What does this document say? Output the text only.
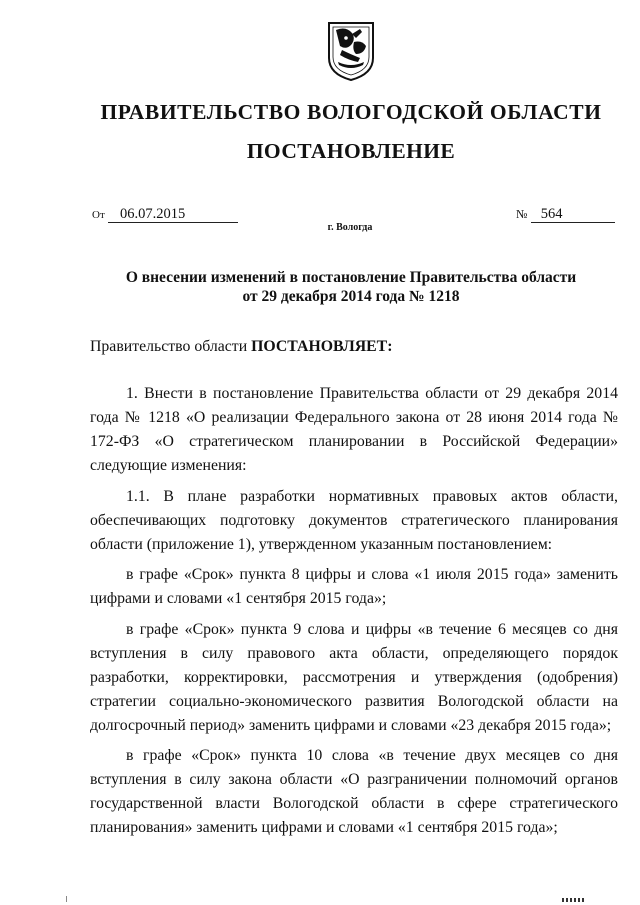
ПРАВИТЕЛЬСТВО ВОЛОГОДСКОЙ ОБЛАСТИ
ПОСТАНОВЛЕНИЕ
От 06.07.2015	№ 564
г. Вологда
О внесении изменений в постановление Правительства области
от 29 декабря 2014 года № 1218
Правительство области ПОСТАНОВЛЯЕТ:

1. Внести в постановление Правительства области от 29 декабря 2014 года № 1218 «О реализации Федерального закона от 28 июня 2014 года № 172-ФЗ «О стратегическом планировании в Российской Федерации» следующие изменения:

1.1. В плане разработки нормативных правовых актов области, обеспечивающих подготовку документов стратегического планирования области (приложение 1), утвержденном указанным постановлением:

в графе «Срок» пункта 8 цифры и слова «1 июля 2015 года» заменить цифрами и словами «1 сентября 2015 года»;

в графе «Срок» пункта 9 слова и цифры «в течение 6 месяцев со дня вступления в силу правового акта области, определяющего порядок разработки, корректировки, рассмотрения и утверждения (одобрения) стратегии социально-экономического развития Вологодской области на долгосрочный период» заменить цифрами и словами «23 декабря 2015 года»;

в графе «Срок» пункта 10 слова «в течение двух месяцев со дня вступления в силу закона области «О разграничении полномочий органов государственной власти Вологодской области в сфере стратегического планирования» заменить цифрами и словами «1 сентября 2015 года»;
